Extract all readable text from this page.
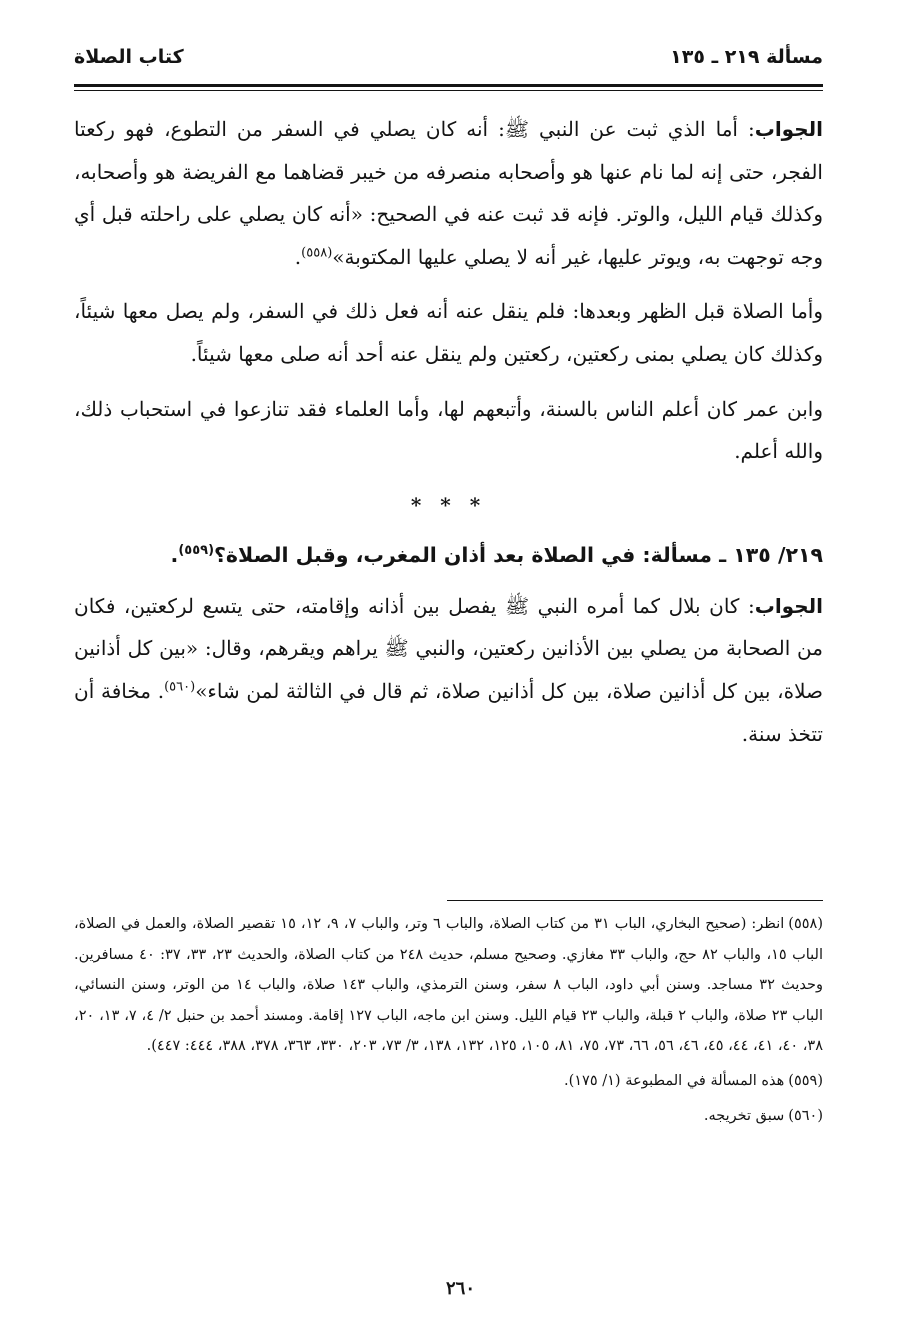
مسألة ٢١٩ ـ ١٣٥
كتاب الصلاة

الجواب: أما الذي ثبت عن النبي ﷺ: أنه كان يصلي في السفر من التطوع، فهو ركعتا الفجر، حتى إنه لما نام عنها هو وأصحابه منصرفه من خيبر قضاهما مع الفريضة هو وأصحابه، وكذلك قيام الليل، والوتر. فإنه قد ثبت عنه في الصحيح: «أنه كان يصلي على راحلته قبل أي وجه توجهت به، ويوتر عليها، غير أنه لا يصلي عليها المكتوبة»$^{(٥٥٨)}$.

وأما الصلاة قبل الظهر وبعدها: فلم ينقل عنه أنه فعل ذلك في السفر، ولم يصل معها شيئاً، وكذلك كان يصلي بمنى ركعتين، ركعتين ولم ينقل عنه أحد أنه صلى معها شيئاً.

وابن عمر كان أعلم الناس بالسنة، وأتبعهم لها، وأما العلماء فقد تنازعوا في استحباب ذلك، والله أعلم.

* * *

٢١٩/ ١٣٥ ـ مسألة: في الصلاة بعد أذان المغرب، وقبل الصلاة؟$^{(٥٥٩)}$.

الجواب: كان بلال كما أمره النبي ﷺ يفصل بين أذانه وإقامته، حتى يتسع لركعتين، فكان من الصحابة من يصلي بين الأذانين ركعتين، والنبي ﷺ يراهم ويقرهم، وقال: «بين كل أذانين صلاة، بين كل أذانين صلاة، بين كل أذانين صلاة، ثم قال في الثالثة لمن شاء»$^{(٥٦٠)}$. مخافة أن تتخذ سنة.

(٥٥٨)انظر: (صحيح البخاري، الباب ٣١ من كتاب الصلاة، والباب ٦ وتر، والباب ٧، ٩، ١٢، ١٥ تقصير الصلاة، والعمل في الصلاة، الباب ١٥، والباب ٨٢ حج، والباب ٣٣ مغازي. وصحيح مسلم، حديث ٢٤٨ من كتاب الصلاة، والحديث ٢٣، ٣٣، ٣٧: ٤٠ مسافرين. وحديث ٣٢ مساجد. وسنن أبي داود، الباب ٨ سفر، وسنن الترمذي، والباب ١٤٣ صلاة، والباب ١٤ من الوتر، وسنن النسائي، الباب ٢٣ صلاة، والباب ٢ قبلة، والباب ٢٣ قيام الليل. وسنن ابن ماجه، الباب ١٢٧ إقامة. ومسند أحمد بن حنبل ٢/ ٤، ٧، ١٣، ٢٠، ٣٨، ٤٠، ٤١، ٤٤، ٤٥، ٤٦، ٥٦، ٦٦، ٧٣، ٧٥، ٨١، ١٠٥، ١٢٥، ١٣٢، ١٣٨، ٣/ ٧٣، ٢٠٣، ٣٣٠، ٣٦٣، ٣٧٨، ٣٨٨، ٤٤٤: ٤٤٧).

(٥٥٩)هذه المسألة في المطبوعة (١/ ١٧٥).

(٥٦٠)سبق تخريجه.

٢٦٠
